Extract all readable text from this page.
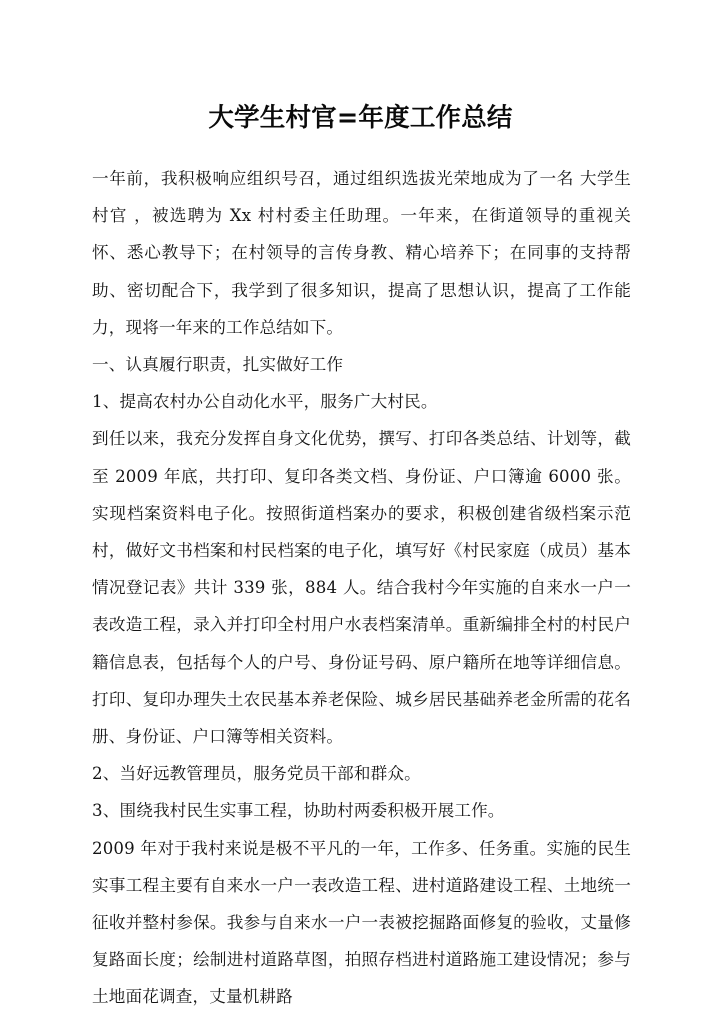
大学生村官=年度工作总结

一年前，我积极响应组织号召，通过组织选拔光荣地成为了一名 大学生村官 ，被选聘为 Xx 村村委主任助理。一年来，在街道领导的重视关怀、悉心教导下；在村领导的言传身教、精心培养下；在同事的支持帮助、密切配合下，我学到了很多知识，提高了思想认识，提高了工作能力，现将一年来的工作总结如下。

一、认真履行职责，扎实做好工作

1、提高农村办公自动化水平，服务广大村民。

到任以来，我充分发挥自身文化优势，撰写、打印各类总结、计划等，截至 2009 年底，共打印、复印各类文档、身份证、户口簿逾 6000 张。实现档案资料电子化。按照街道档案办的要求，积极创建省级档案示范村，做好文书档案和村民档案的电子化，填写好《村民家庭（成员）基本情况登记表》共计 339 张，884 人。结合我村今年实施的自来水一户一表改造工程，录入并打印全村用户水表档案清单。重新编排全村的村民户籍信息表，包括每个人的户号、身份证号码、原户籍所在地等详细信息。打印、复印办理失土农民基本养老保险、城乡居民基础养老金所需的花名册、身份证、户口簿等相关资料。

2、当好远教管理员，服务党员干部和群众。

3、围绕我村民生实事工程，协助村两委积极开展工作。

2009 年对于我村来说是极不平凡的一年，工作多、任务重。实施的民生实事工程主要有自来水一户一表改造工程、进村道路建设工程、土地统一征收并整村参保。我参与自来水一户一表被挖掘路面修复的验收，丈量修复路面长度；绘制进村道路草图，拍照存档进村道路施工建设情况；参与土地面花调查，丈量机耕路
